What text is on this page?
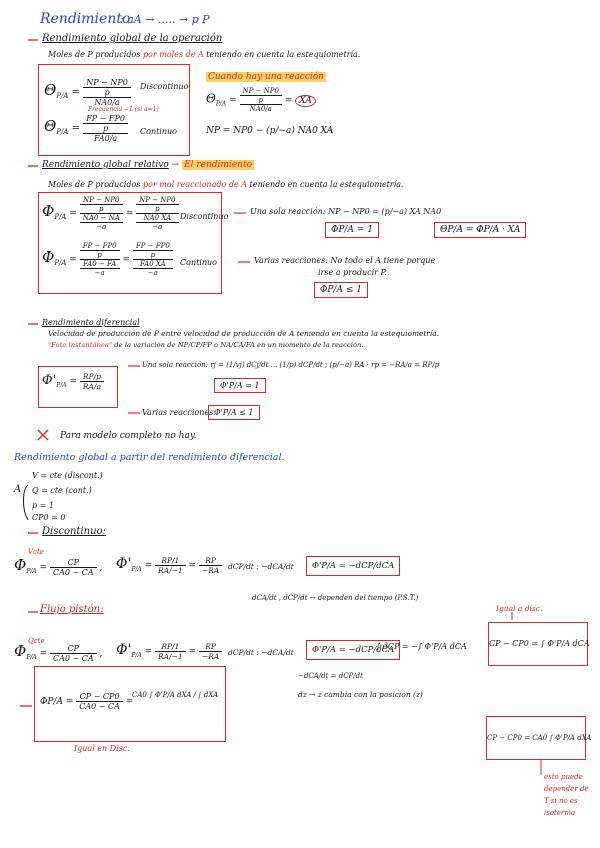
Rendimiento
: aA → ..... → p P
Rendimiento global de la operación
Moles de P producidos por moles de A teniendo en cuenta la estequiometría.
$\Theta_{P/A}$ =
NP − NP0
p
NA0/a
Discontinuo
Frecuencia −1 (si a=1)
$\Theta_{P/A}$ =
FP − FP0
p
FA0/a
Continuo
Cuando hay una reacción
$\Theta_{P/A}$ =
NP − NP0
p
NA0/a
= XA
NP = NP0 − (p/−a) NA0 XA
Rendimiento global relativo → El rendimiento
Moles de P producidos por mol reaccionado de A teniendo en cuenta la estequiometría.
$\Phi_{P/A}$ =
NP − NP0
p
NA0 − NA
−a
=
NP − NP0
p
NA0 XA
−a
Discontinuo
$\Phi_{P/A}$ =
FP − FP0
p
FA0 − FA
−a
=
FP − FP0
p
FA0 XA
−a
Continuo
Una sola reacción: NP − NP0 = (p/−a) XA NA0
ΦP/A = 1	ΘP/A = ΦP/A · XA
Varias reacciones: No todo el A tiene porque
irse a producir P.
ΦP/A ≤ 1
Rendimiento diferencial
Velocidad de producción de P entre velocidad de producción de A teniendo en cuenta la estequiometría.
"Foto instantánea" de la variación de NP/CP/FP o NA/CA/FA en un momento de la reacción.
$\Phi'_{P/A} = \frac{RP/p}{RA/a}$
Una sola reacción: rj = (1/vj) dCj/dt ... (1/p) dCP/dt ; (p/−a) RA · rp = −RA/a = RP/p
Φ'P/A = 1
Varias reacciones:
Φ'P/A ≤ 1
Para modelo completo no hay.
Rendimiento global a partir del rendimiento diferencial.
A
V = cte (discont.)
Q = cte (cont.)
p = 1
CP0 = 0
Discontinuo:
Vcte
$\Phi_{P/A} = \frac{CP}{CA0 - CA}$ , $\Phi'_{P/A} = \frac{RP/1}{RA/-1} = \frac{RP}{-RA} dCP/dt$ : −dCA/dt	Φ'P/A = −dCP/dCA
dCA/dt , dCP/dt → dependen del tiempo (P.S.T.)
Flujo pistón:
Qcte
$\Phi_{P/A} = \frac{CP}{CA0 - CA}$ , $\Phi'_{P/A} = \frac{RP/1}{RA/-1} = \frac{RP}{-RA} dCP/dt$ : −dCA/dt	Φ'P/A = −dCP/dCA
∫ dCP = −∫ Φ'P/A dCA
Igual a disc.
CP − CP0 = ∫ Φ'P/A dCA
−dCA/dt = dCP/dt
dz → z cambia con la posición (z)
$\Phi P/A = \frac{CP - CP0}{CA0 - CA}$ =
CA0 ∫ Φ'P/A dXA / ∫ dXA
Igual en Disc.
CP − CP0 = CA0 ∫ Φ'P/A dXA
esto puede
depender de
T si no es
isoterma
